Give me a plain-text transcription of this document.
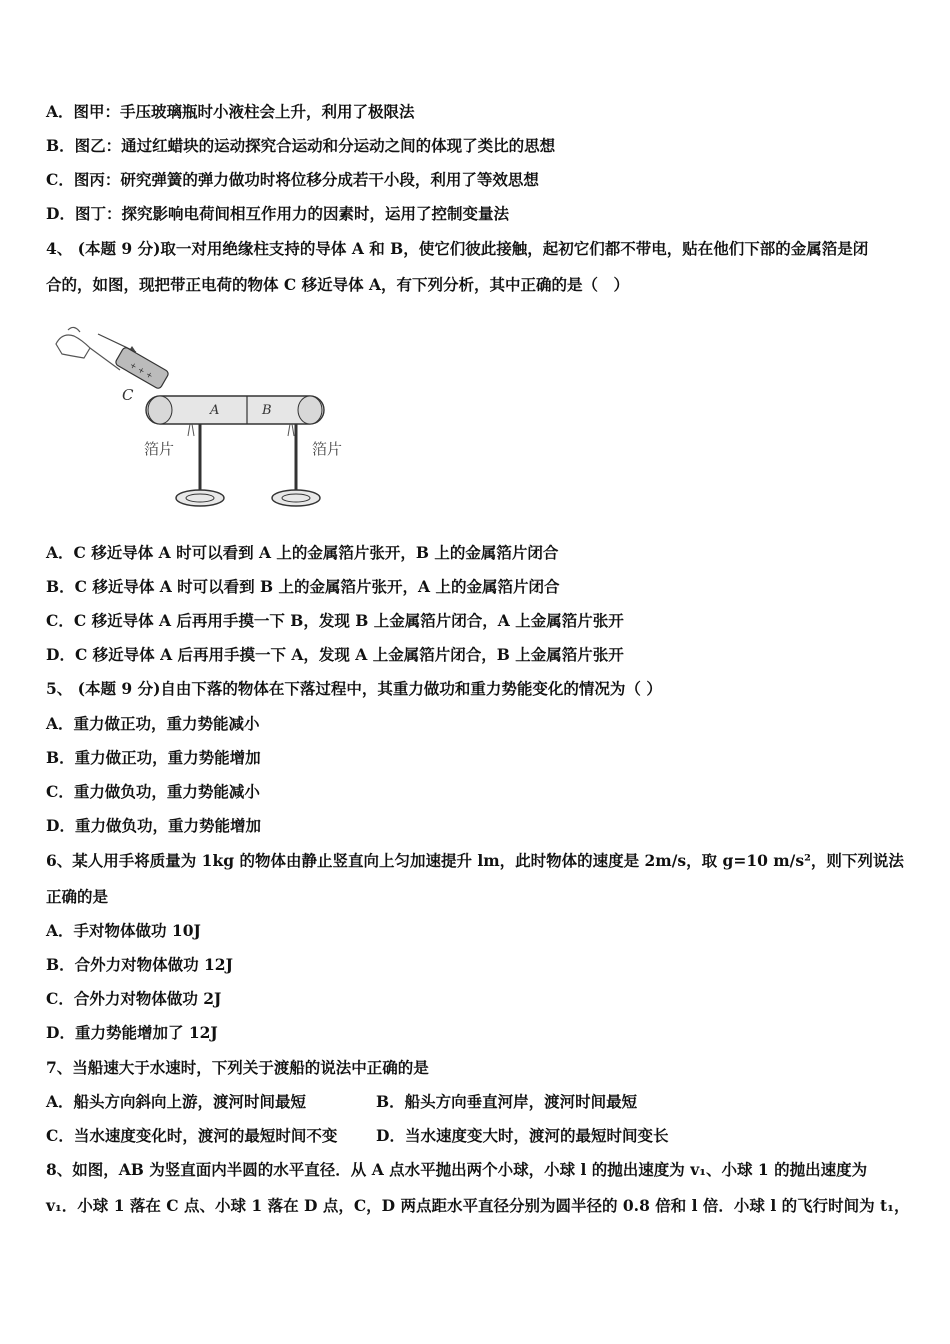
A．图甲：手压玻璃瓶时小液柱会上升，利用了极限法
B．图乙：通过红蜡块的运动探究合运动和分运动之间的体现了类比的思想
C．图丙：研究弹簧的弹力做功时将位移分成若干小段，利用了等效思想
D．图丁：探究影响电荷间相互作用力的因素时，运用了控制变量法
4、 (本题 9 分)取一对用绝缘柱支持的导体 A 和 B，使它们彼此接触，起初它们都不带电，贴在他们下部的金属箔是闭
合的，如图，现把带正电荷的物体 C 移近导体 A，有下列分析，其中正确的是（　）
+ + +
C
A	B
箔片	箔片
A．C 移近导体 A 时可以看到 A 上的金属箔片张开，B 上的金属箔片闭合
B．C 移近导体 A 时可以看到 B 上的金属箔片张开，A 上的金属箔片闭合
C．C 移近导体 A 后再用手摸一下 B，发现 B 上金属箔片闭合，A 上金属箔片张开
D．C 移近导体 A 后再用手摸一下 A，发现 A 上金属箔片闭合，B 上金属箔片张开
5、 (本题 9 分)自由下落的物体在下落过程中，其重力做功和重力势能变化的情况为（ ）
A．重力做正功，重力势能减小
B．重力做正功，重力势能增加
C．重力做负功，重力势能减小
D．重力做负功，重力势能增加
6、某人用手将质量为 1kg 的物体由静止竖直向上匀加速提升 lm，此时物体的速度是 2m/s，取 g=10 m/s²，则下列说法
正确的是
A．手对物体做功 10J
B．合外力对物体做功 12J
C．合外力对物体做功 2J
D．重力势能增加了 12J
7、当船速大于水速时，下列关于渡船的说法中正确的是
A．船头方向斜向上游，渡河时间最短	B．船头方向垂直河岸，渡河时间最短
C．当水速度变化时，渡河的最短时间不变 D．当水速度变大时，渡河的最短时间变长
8、如图，AB 为竖直面内半圆的水平直径．从 A 点水平抛出两个小球，小球 l 的抛出速度为 v₁、小球 1 的抛出速度为
v₁．小球 1 落在 C 点、小球 1 落在 D 点，C，D 两点距水平直径分别为圆半径的 0.8 倍和 l 倍．小球 l 的飞行时间为 t₁，
